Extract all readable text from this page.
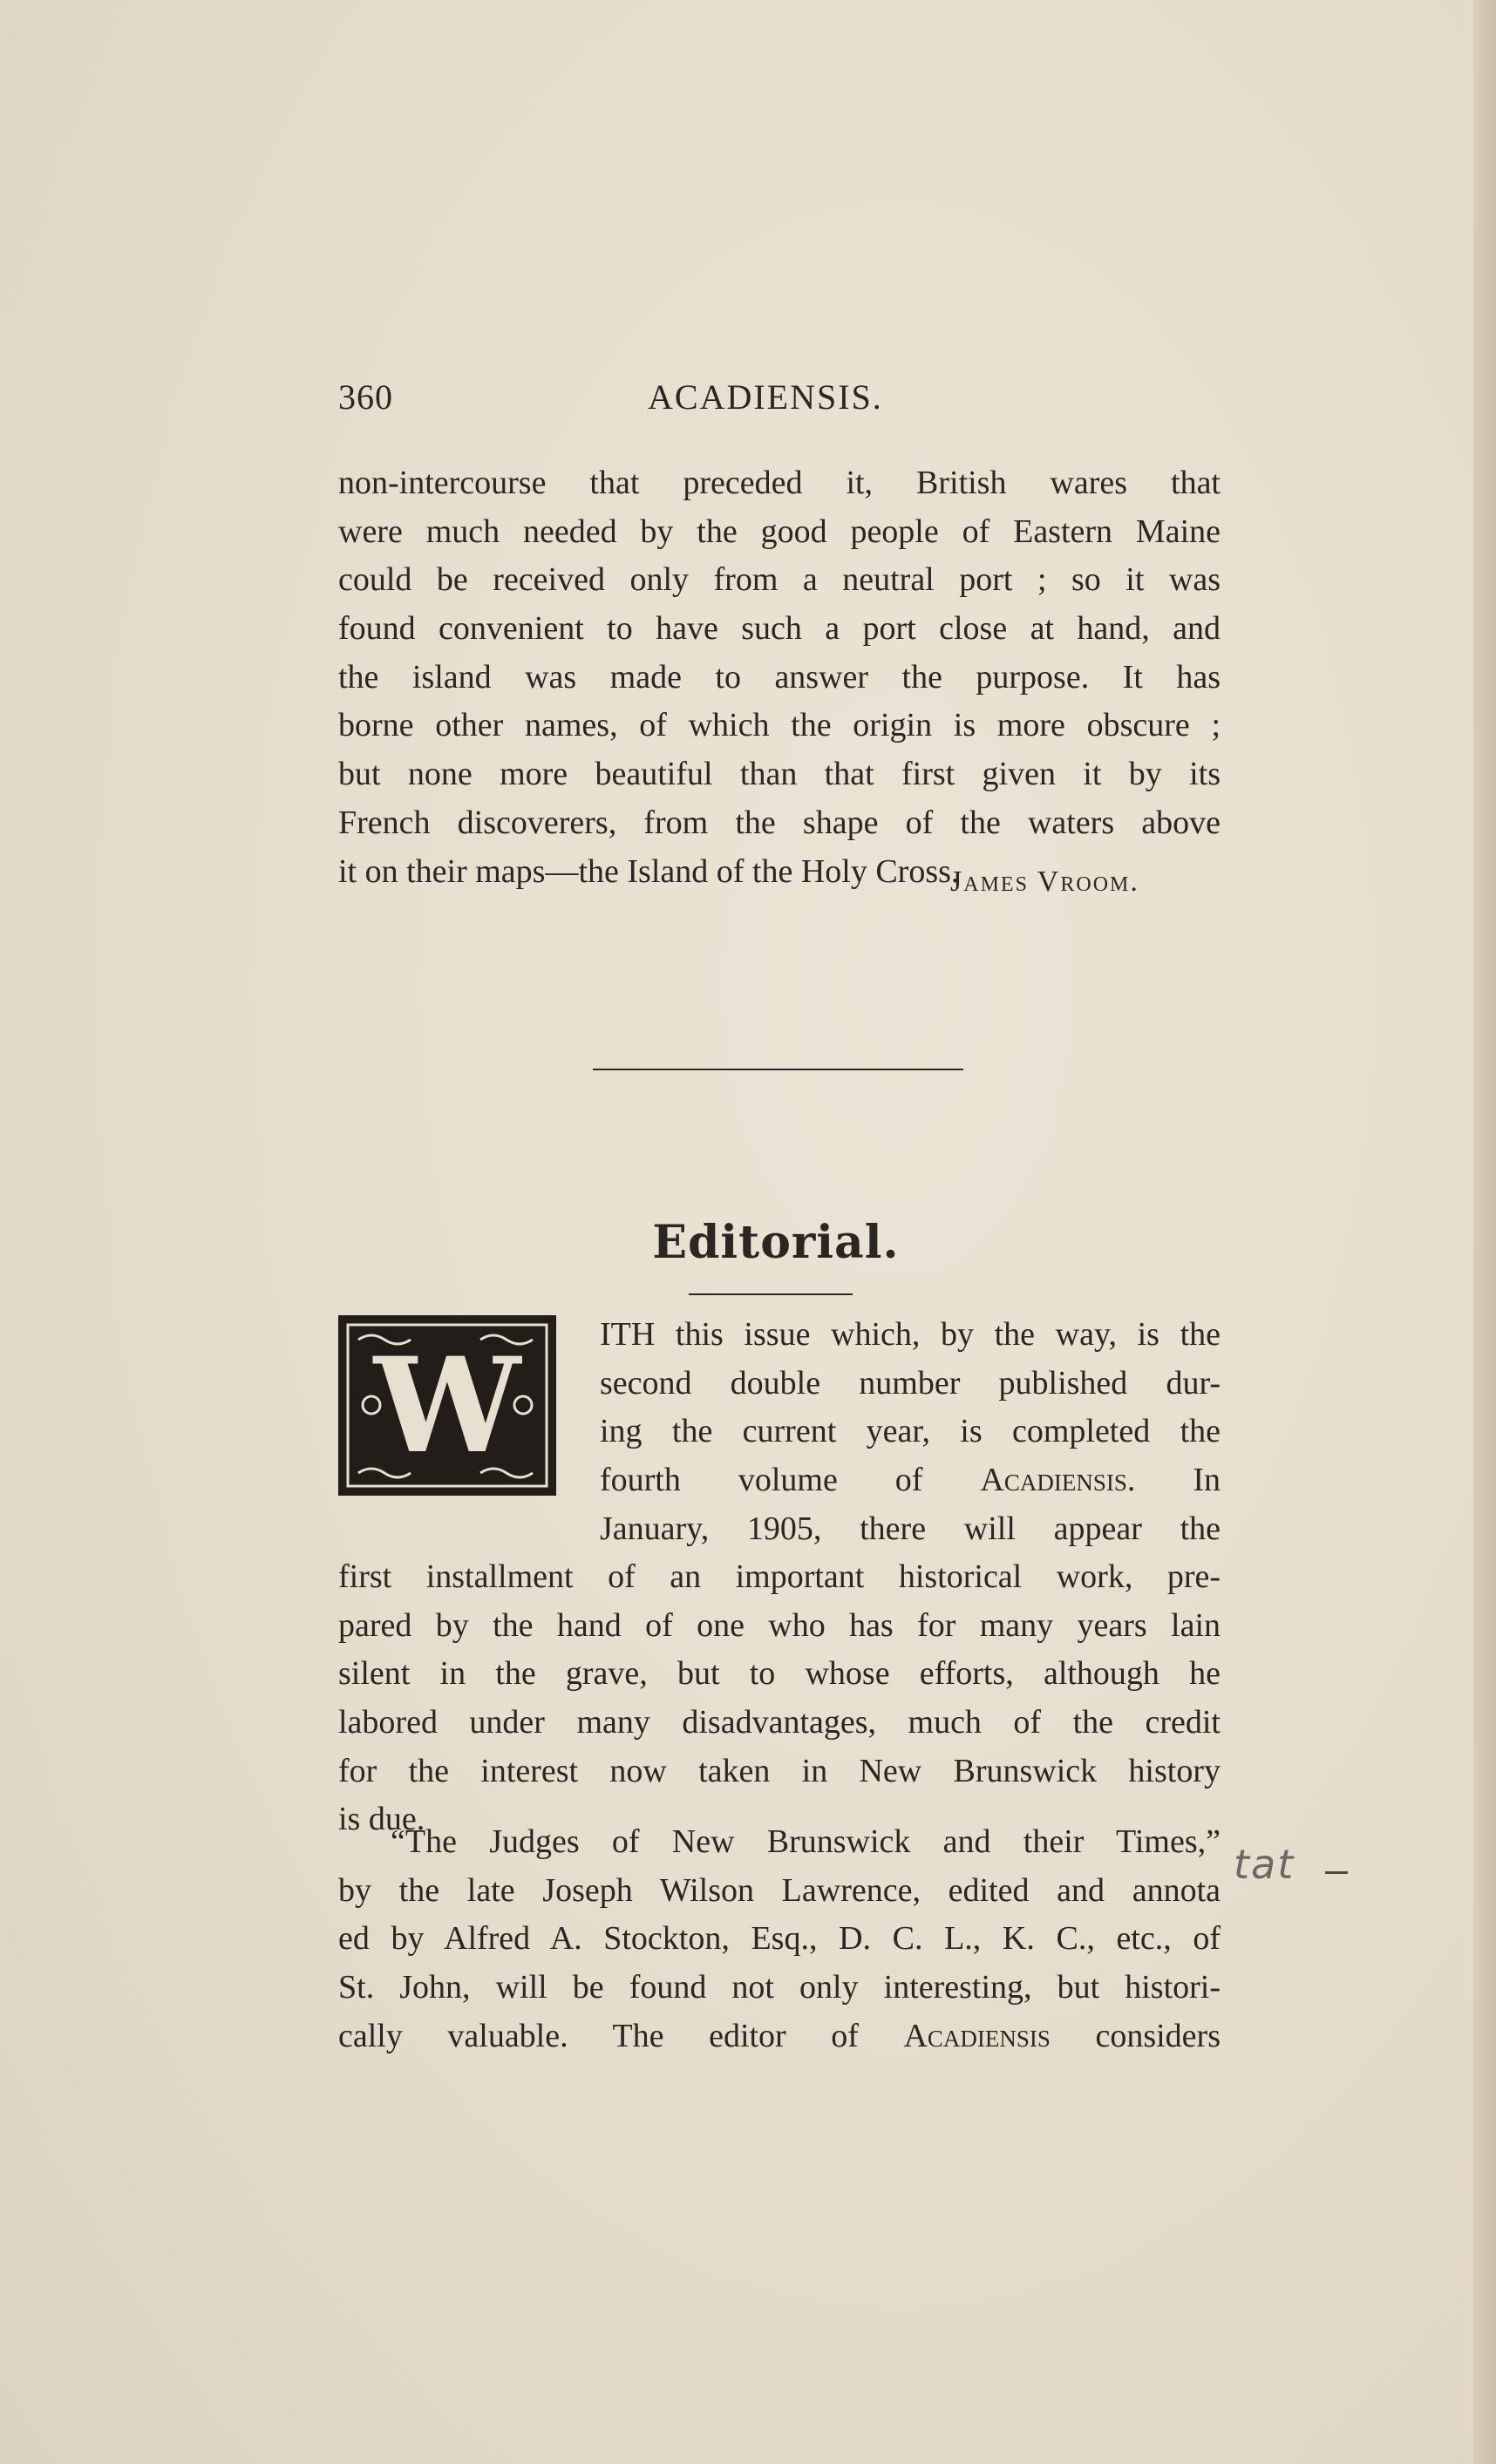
360	ACADIENSIS.
non-intercourse that preceded it, British wares that
were much needed by the good people of Eastern Maine
could be received only from a neutral port ; so it was
found convenient to have such a port close at hand, and
the island was made to answer the purpose. It has
borne other names, of which the origin is more obscure ;
but none more beautiful than that first given it by its
French discoverers, from the shape of the waters above
it on their maps—the Island of the Holy Cross.
James Vroom.
Editorial.
W	ITH this issue which, by the way, is the
second double number published dur-
ing the current year, is completed the
fourth volume of Acadiensis. In
January, 1905, there will appear the
first installment of an important historical work, pre-
pared by the hand of one who has for many years lain
silent in the grave, but to whose efforts, although he
labored under many disadvantages, much of the credit
for the interest now taken in New Brunswick history
is due.
“The Judges of New Brunswick and their Times,”
by the late Joseph Wilson Lawrence, edited and annota
ed by Alfred A. Stockton, Esq., D. C. L., K. C., etc., of
St. John, will be found not only interesting, but histori-
cally valuable. The editor of Acadiensis considers
tat
